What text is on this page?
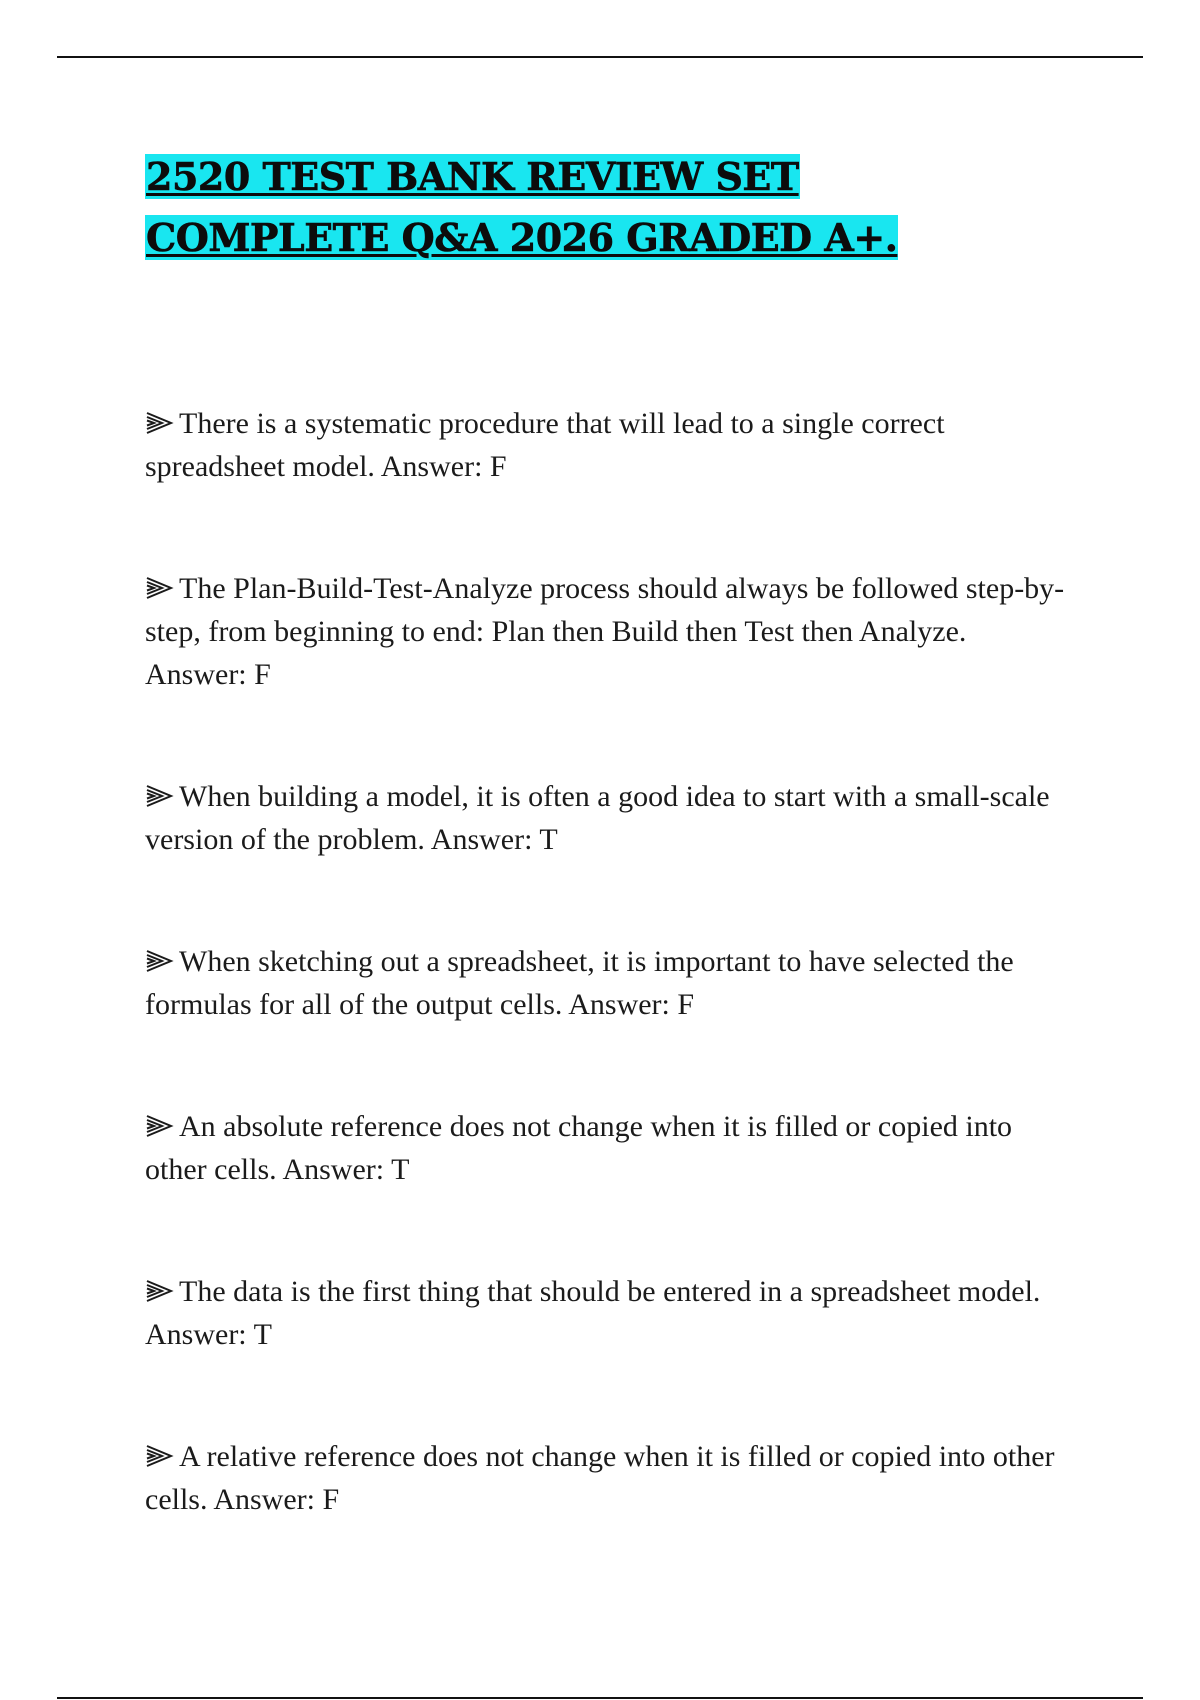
2520 TEST BANK REVIEW SET COMPLETE Q&A 2026 GRADED A+.
There is a systematic procedure that will lead to a single correct spreadsheet model. Answer: F
The Plan-Build-Test-Analyze process should always be followed step-by-step, from beginning to end: Plan then Build then Test then Analyze. Answer: F
When building a model, it is often a good idea to start with a small-scale version of the problem. Answer: T
When sketching out a spreadsheet, it is important to have selected the formulas for all of the output cells. Answer: F
An absolute reference does not change when it is filled or copied into other cells. Answer: T
The data is the first thing that should be entered in a spreadsheet model. Answer: T
A relative reference does not change when it is filled or copied into other cells. Answer: F
